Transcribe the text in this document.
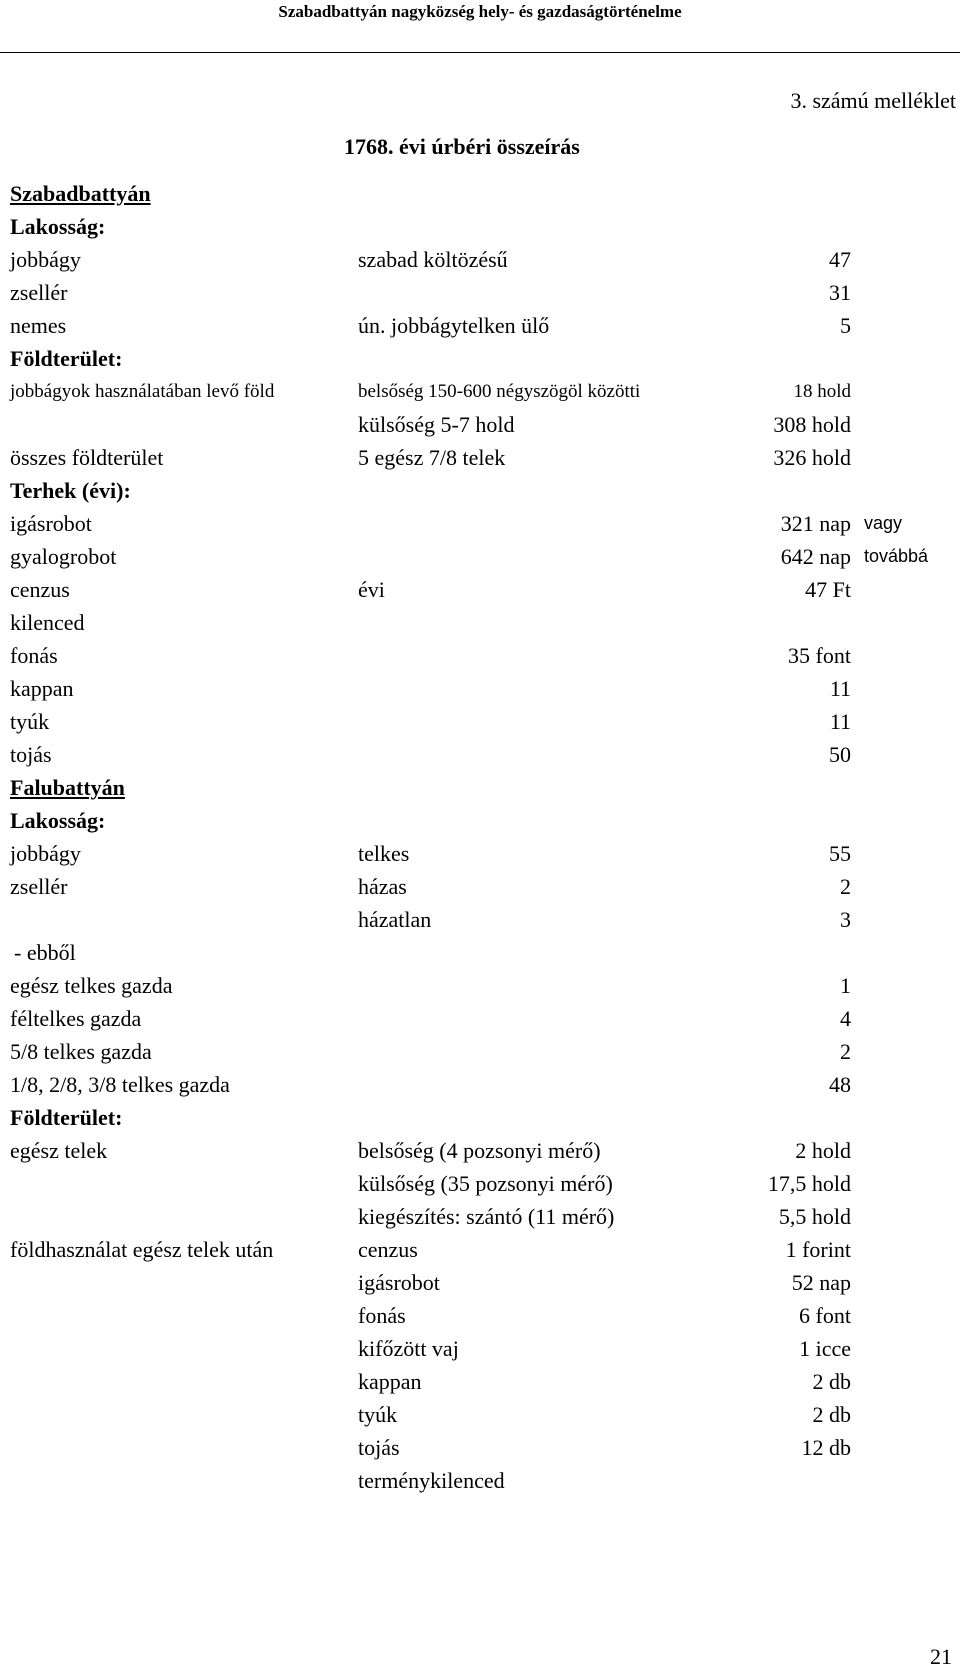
Szabadbattyán nagyközség hely- és gazdaságtörténelme
3. számú melléklet
1768. évi úrbéri összeírás
Szabadbattyán
Lakosság:
jobbágy	szabad költözésű	47
zsellér	31
nemes	ún. jobbágytelken ülő	5
Földterület:
jobbágyok használatában levő föld	belsőség 150-600 négyszögöl közötti	18 hold
külsőség 5-7 hold	308 hold
összes földterület	5 egész 7/8 telek	326 hold
Terhek (évi):
igásrobot	321 nap vagy
gyalogrobot	642 nap továbbá
cenzus	évi	47 Ft
kilenced
fonás	35 font
kappan	11
tyúk	11
tojás	50
Falubattyán
Lakosság:
jobbágy	telkes	55
zsellér	házas	2
házatlan	3
- ebből
egész telkes gazda	1
féltelkes gazda	4
5/8 telkes gazda	2
1/8, 2/8, 3/8 telkes gazda	48
Földterület:
egész telek	belsőség (4 pozsonyi mérő)	2 hold
külsőség (35 pozsonyi mérő)	17,5 hold
kiegészítés: szántó (11 mérő)	5,5 hold
földhasználat egész telek után	cenzus	1 forint
igásrobot	52 nap
fonás	6 font
kifőzött vaj	1 icce
kappan	2 db
tyúk	2 db
tojás	12 db
terménykilenced
21
